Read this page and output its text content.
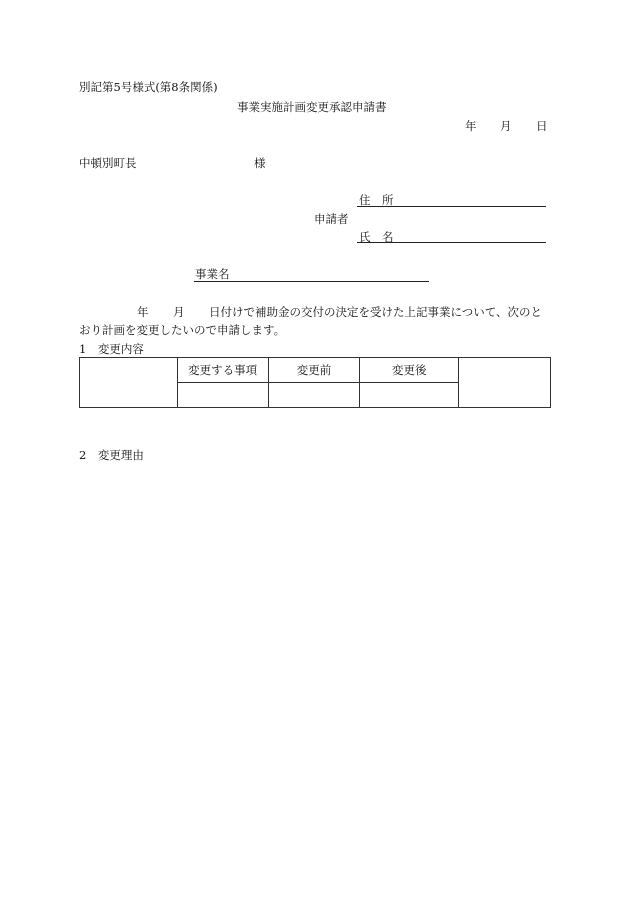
別記第5号様式(第8条関係)
事業実施計画変更承認申請書
年 月 日
中頓別町長	様
住　所
申請者
氏　名
事業名
年 月 日付けで補助金の交付の決定を受けた上記事業について、次のと
おり計画を変更したいので申請します。
1　変更内容
	変更する事項	変更前	変更後	

2　変更理由
